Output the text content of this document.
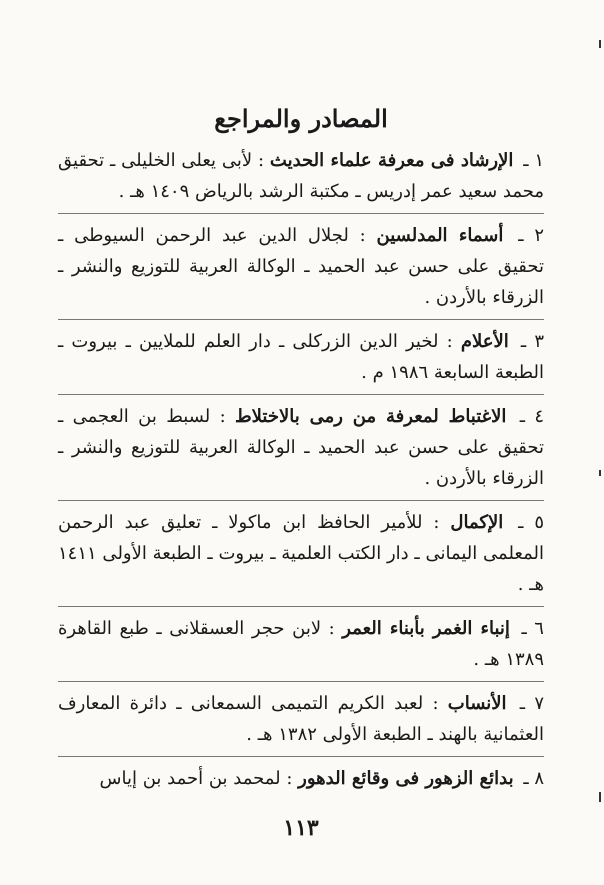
المصادر والمراجع
١ ـ الإرشاد فى معرفة علماء الحديث : لأبى يعلى الخليلى ـ تحقيق محمد سعيد عمر إدريس ـ مكتبة الرشد بالرياض ١٤٠٩ هـ .
٢ ـ أسماء المدلسين : لجلال الدين عبد الرحمن السيوطى ـ تحقيق على حسن عبد الحميد ـ الوكالة العربية للتوزيع والنشر ـ الزرقاء بالأردن .
٣ ـ الأعلام : لخير الدين الزركلى ـ دار العلم للملايين ـ بيروت ـ الطبعة السابعة ١٩٨٦ م .
٤ ـ الاغتباط لمعرفة من رمى بالاختلاط : لسبط بن العجمى ـ تحقيق على حسن عبد الحميد ـ الوكالة العربية للتوزيع والنشر ـ الزرقاء بالأردن .
٥ ـ الإكمال : للأمير الحافظ ابن ماكولا ـ تعليق عبد الرحمن المعلمى اليمانى ـ دار الكتب العلمية ـ بيروت ـ الطبعة الأولى ١٤١١ هـ .
٦ ـ إنباء الغمر بأبناء العمر : لابن حجر العسقلانى ـ طبع القاهرة ١٣٨٩ هـ .
٧ ـ الأنساب : لعبد الكريم التميمى السمعانى ـ دائرة المعارف العثمانية بالهند ـ الطبعة الأولى ١٣٨٢ هـ .
٨ ـ بدائع الزهور فى وقائع الدهور : لمحمد بن أحمد بن إياس
١١٣
